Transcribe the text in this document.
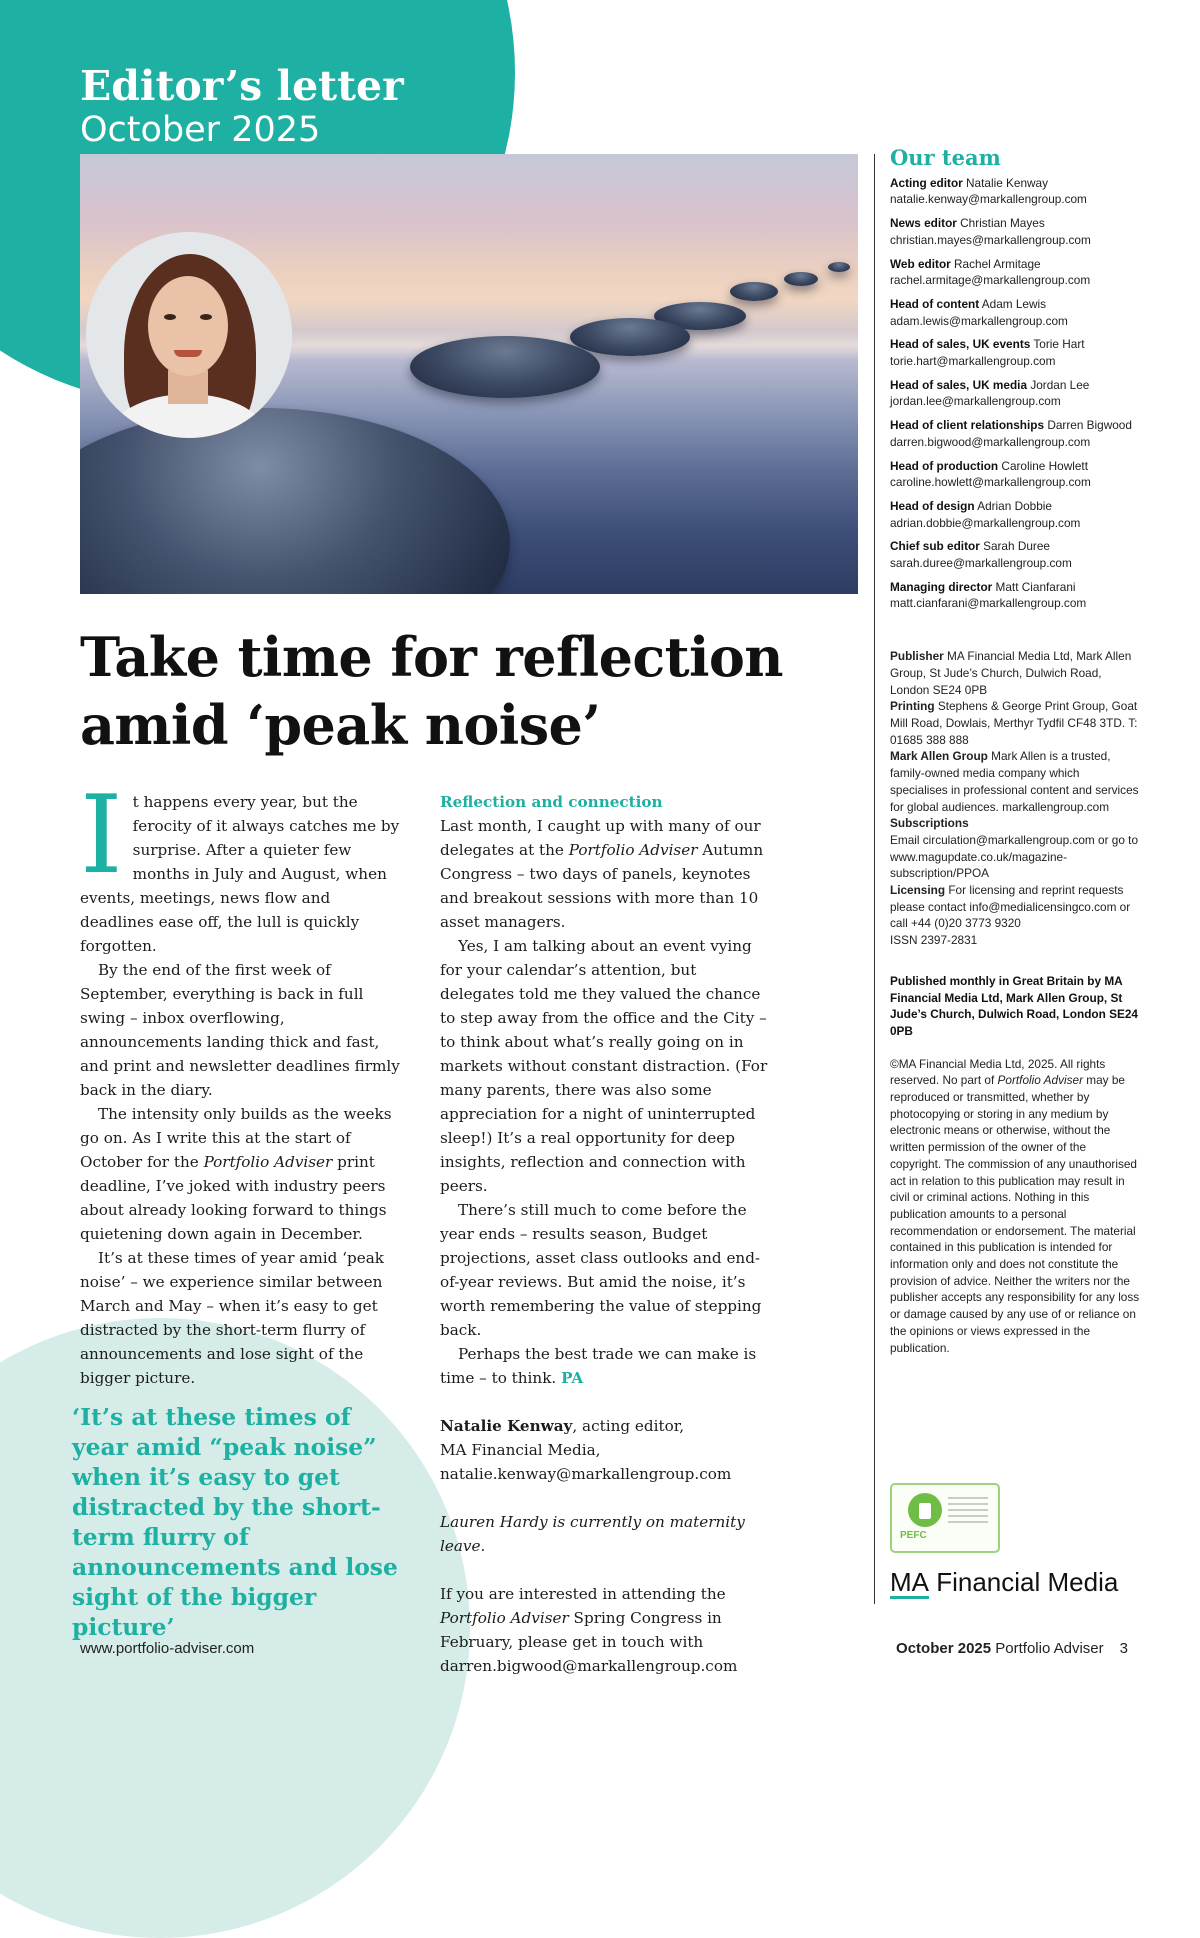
Editor’s letter
October 2025
Take time for reflection amid ‘peak noise’

It happens every year, but the ferocity of it always catches me by surprise. After a quieter few months in July and August, when events, meetings, news flow and deadlines ease off, the lull is quickly forgotten.

By the end of the first week of September, everything is back in full swing – inbox overflowing, announcements landing thick and fast, and print and newsletter deadlines firmly back in the diary.

The intensity only builds as the weeks go on. As I write this at the start of October for the Portfolio Adviser print deadline, I’ve joked with industry peers about already looking forward to things quietening down again in December.

It’s at these times of year amid ‘peak noise’ – we experience similar between March and May – when it’s easy to get distracted by the short-term flurry of announcements and lose sight of the bigger picture.

Reflection and connection

Last month, I caught up with many of our delegates at the Portfolio Adviser Autumn Congress – two days of panels, keynotes and breakout sessions with more than 10 asset managers.

Yes, I am talking about an event vying for your calendar’s attention, but delegates told me they valued the chance to step away from the office and the City – to think about what’s really going on in markets without constant distraction. (For many parents, there was also some appreciation for a night of uninterrupted sleep!) It’s a real opportunity for deep insights, reflection and connection with peers.

There’s still much to come before the year ends – results season, Budget projections, asset class outlooks and end-of-year reviews. But amid the noise, it’s worth remembering the value of stepping back.

Perhaps the best trade we can make is time – to think. PA

Natalie Kenway, acting editor,

MA Financial Media,

natalie.kenway@markallengroup.com

Lauren Hardy is currently on maternity leave.

If you are interested in attending the Portfolio Adviser Spring Congress in February, please get in touch with darren.bigwood@markallengroup.com

‘It’s at these times of year amid “peak noise” when it’s easy to get distracted by the short-term flurry of announcements and lose sight of the bigger picture’
Our team
Acting editor Natalie Kenway
natalie.kenway@markallengroup.com
News editor Christian Mayes
christian.mayes@markallengroup.com
Web editor Rachel Armitage
rachel.armitage@markallengroup.com
Head of content Adam Lewis
adam.lewis@markallengroup.com
Head of sales, UK events Torie Hart
torie.hart@markallengroup.com
Head of sales, UK media Jordan Lee
jordan.lee@markallengroup.com
Head of client relationships Darren Bigwood
darren.bigwood@markallengroup.com
Head of production Caroline Howlett
caroline.howlett@markallengroup.com
Head of design Adrian Dobbie
adrian.dobbie@markallengroup.com
Chief sub editor Sarah Duree
sarah.duree@markallengroup.com
Managing director Matt Cianfarani
matt.cianfarani@markallengroup.com

Publisher MA Financial Media Ltd, Mark Allen Group, St Jude’s Church, Dulwich Road, London SE24 0PB

Printing Stephens & George Print Group, Goat Mill Road, Dowlais, Merthyr Tydfil CF48 3TD. T: 01685 388 888

Mark Allen Group Mark Allen is a trusted, family-owned media company which specialises in professional content and services for global audiences. markallengroup.com

Subscriptions
Email circulation@markallengroup.com or go to www.magupdate.co.uk/magazine-subscription/PPOA

Licensing For licensing and reprint requests please contact info@medialicensingco.com or call +44 (0)20 3773 9320

ISSN 2397-2831

Published monthly in Great Britain by MA Financial Media Ltd, Mark Allen Group, St Jude’s Church, Dulwich Road, London SE24 0PB
©MA Financial Media Ltd, 2025. All rights reserved. No part of Portfolio Adviser may be reproduced or transmitted, whether by photocopying or storing in any medium by electronic means or otherwise, without the written permission of the owner of the copyright. The commission of any unauthorised act in relation to this publication may result in civil or criminal actions. Nothing in this publication amounts to a personal recommendation or endorsement. The material contained in this publication is intended for information only and does not constitute the provision of advice. Neither the writers nor the publisher accepts any responsibility for any loss or damage caused by any use of or reliance on the opinions or views expressed in the publication.
PEFC
MA Financial Media
www.portfolio-adviser.com	October 2025 Portfolio Adviser 3
